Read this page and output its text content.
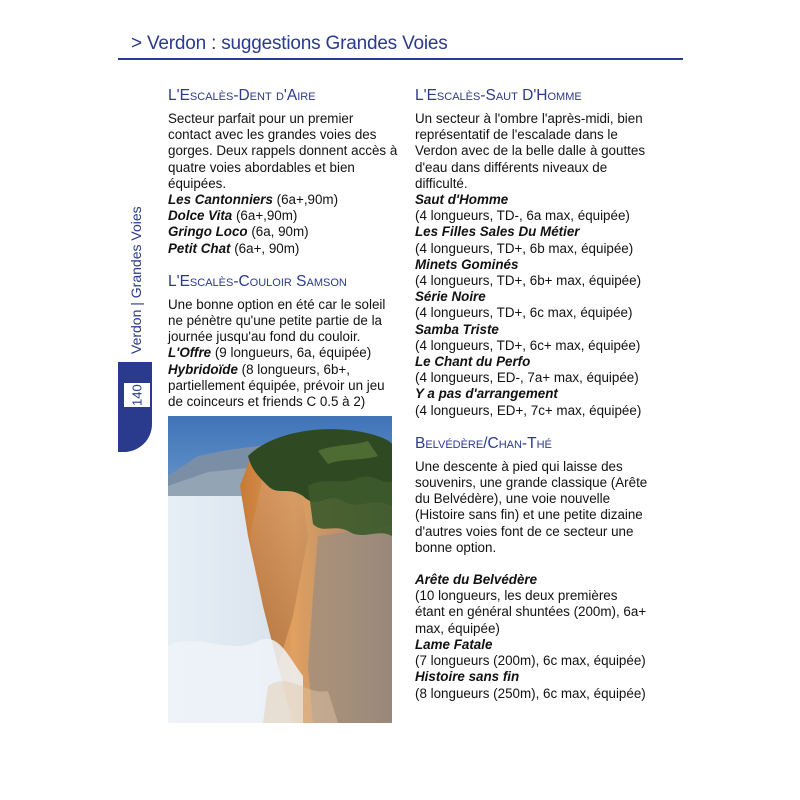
> Verdon : suggestions Grandes Voies
Verdon | Grandes Voies
140
L'Escalès-Dent d'Aire

Secteur parfait pour un premier contact avec les grandes voies des gorges. Deux rappels donnent accès à quatre voies abordables et bien équipées.

Les Cantonniers (6a+,90m)
Dolce Vita (6a+,90m)
Gringo Loco (6a, 90m)
Petit Chat (6a+, 90m)
L'Escalès-Couloir Samson

Une bonne option en été car le soleil ne pénètre qu'une petite partie de la journée jusqu'au fond du couloir.

L'Offre (9 longueurs, 6a, équipée)
Hybridoïde (8 longueurs, 6b+, partiellement équipée, prévoir un jeu de coinceurs et friends C 0.5 à 2)
L'Escalès-Saut D'Homme

Un secteur à l'ombre l'après-midi, bien représentatif de l'escalade dans le Verdon avec de la belle dalle à gouttes d'eau dans différents niveaux de difficulté.

Saut d'Homme
(4 longueurs, TD-, 6a max, équipée)
Les Filles Sales Du Métier
(4 longueurs, TD+, 6b max, équipée)
Minets Gominés
(4 longueurs, TD+, 6b+ max, équipée)
Série Noire
(4 longueurs, TD+, 6c max, équipée)
Samba Triste
(4 longueurs, TD+, 6c+ max, équipée)
Le Chant du Perfo
(4 longueurs, ED-, 7a+ max, équipée)
Y a pas d'arrangement
(4 longueurs, ED+, 7c+ max, équipée)
Belvédère/Chan-Thé

Une descente à pied qui laisse des souvenirs, une grande classique (Arête du Belvédère), une voie nouvelle (Histoire sans fin) et une petite dizaine d'autres voies font de ce secteur une bonne option.

Arête du Belvédère
(10 longueurs, les deux premières étant en général shuntées (200m), 6a+ max, équipée)
Lame Fatale
(7 longueurs (200m), 6c max, équipée)
Histoire sans fin
(8 longueurs (250m), 6c max, équipée)
